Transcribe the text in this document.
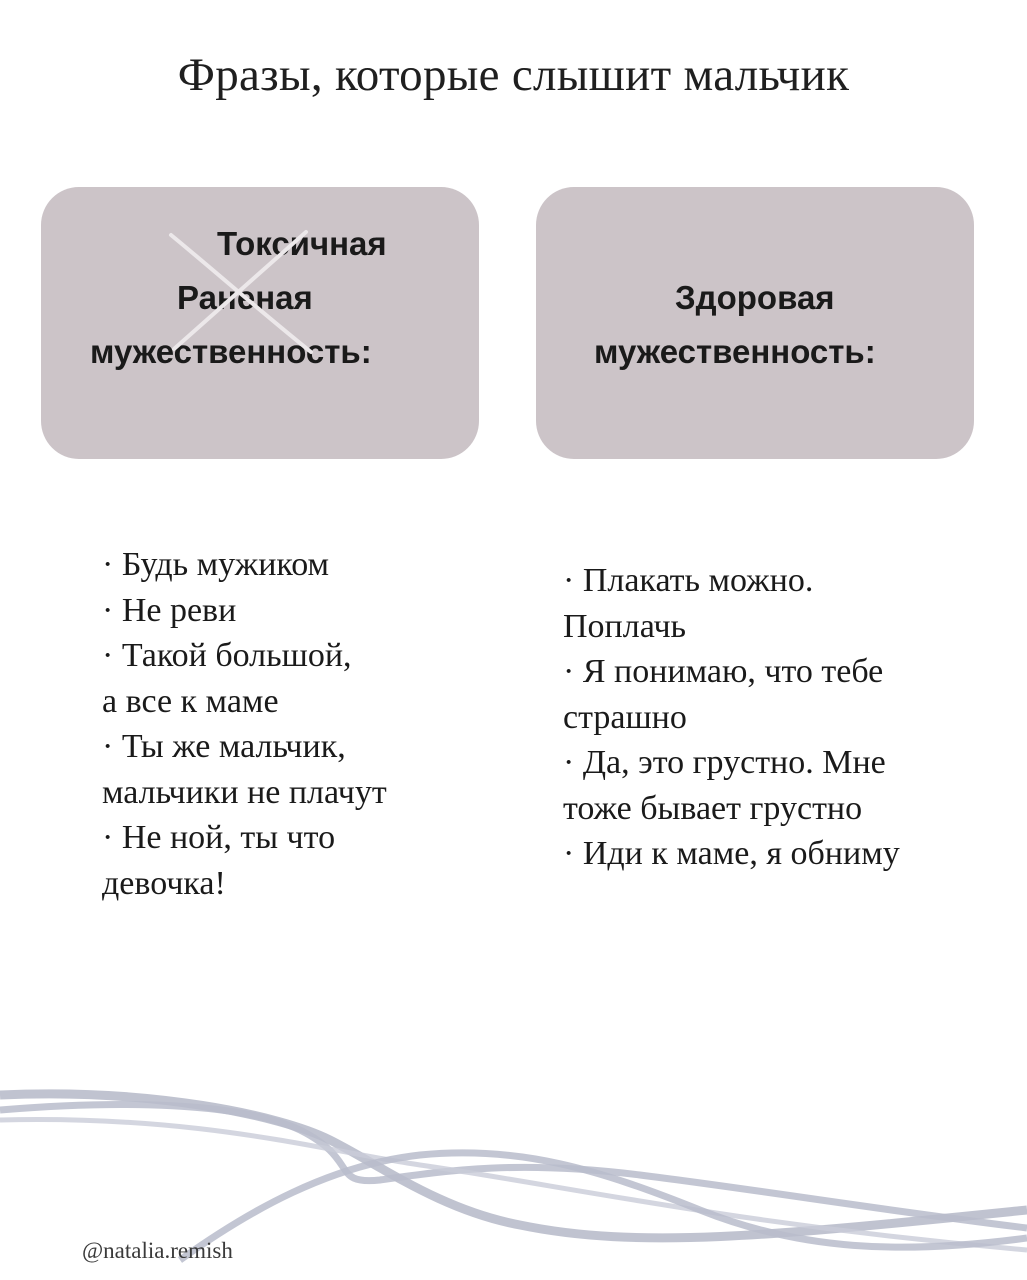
Фразы, которые слышит мальчик
Токсичная
Раненая
мужественность:
Здоровая
мужественность:
· Будь мужиком
· Не реви
· Такой большой,
а все к маме
· Ты же мальчик,
мальчики не плачут
· Не ной, ты что
девочка!
· Плакать можно.
Поплачь
· Я понимаю, что тебе
страшно
· Да, это грустно. Мне
тоже бывает грустно
· Иди к маме, я обниму
@natalia.remish
